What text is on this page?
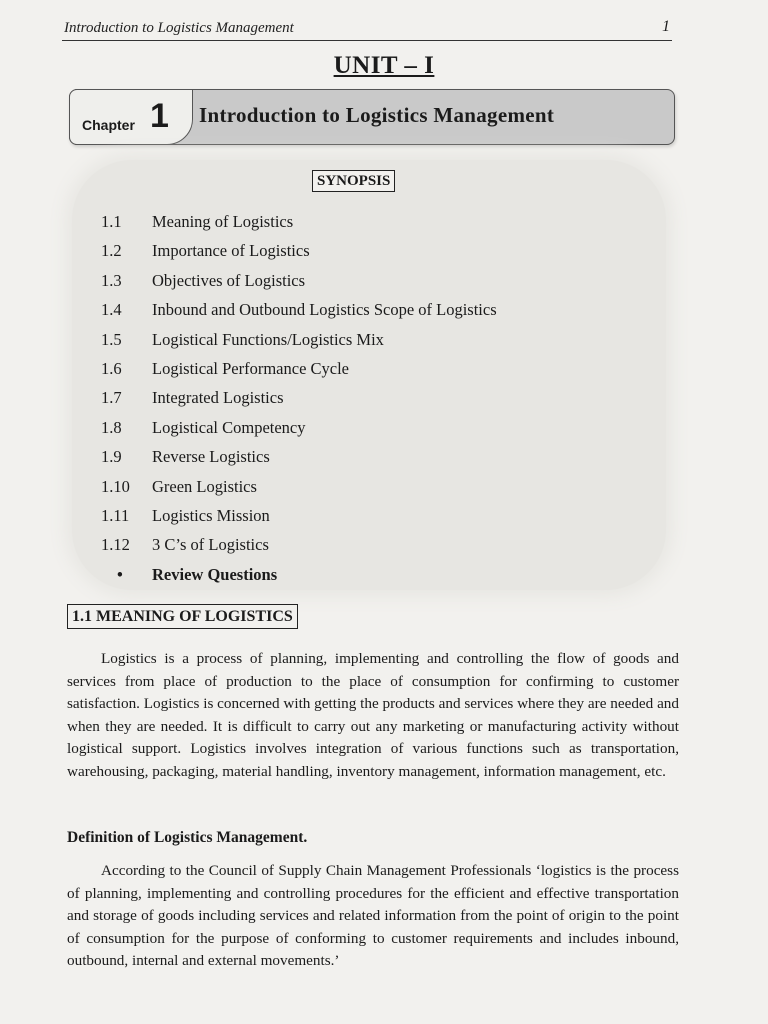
Introduction to Logistics Management	1
UNIT – I
Chapter 1 Introduction to Logistics Management
SYNOPSIS
1.1 Meaning of Logistics
1.2 Importance of Logistics
1.3 Objectives of Logistics
1.4 Inbound and Outbound Logistics Scope of Logistics
1.5 Logistical Functions/Logistics Mix
1.6 Logistical Performance Cycle
1.7 Integrated Logistics
1.8 Logistical Competency
1.9 Reverse Logistics
1.10 Green Logistics
1.11 Logistics Mission
1.12 3 C’s of Logistics
• Review Questions
1.1 MEANING OF LOGISTICS

Logistics is a process of planning, implementing and controlling the flow of goods and services from place of production to the place of consumption for confirming to customer satisfaction. Logistics is concerned with getting the products and services where they are needed and when they are needed. It is difficult to carry out any marketing or manufacturing activity without logistical support. Logistics involves integration of various functions such as transportation, warehousing, packaging, material handling, inventory management, information management, etc.

Definition of Logistics Management.

According to the Council of Supply Chain Management Professionals ‘logistics is the process of planning, implementing and controlling procedures for the efficient and effective transportation and storage of goods including services and related information from the point of origin to the point of consumption for the purpose of conforming to customer requirements and includes inbound, outbound, internal and external movements.’
